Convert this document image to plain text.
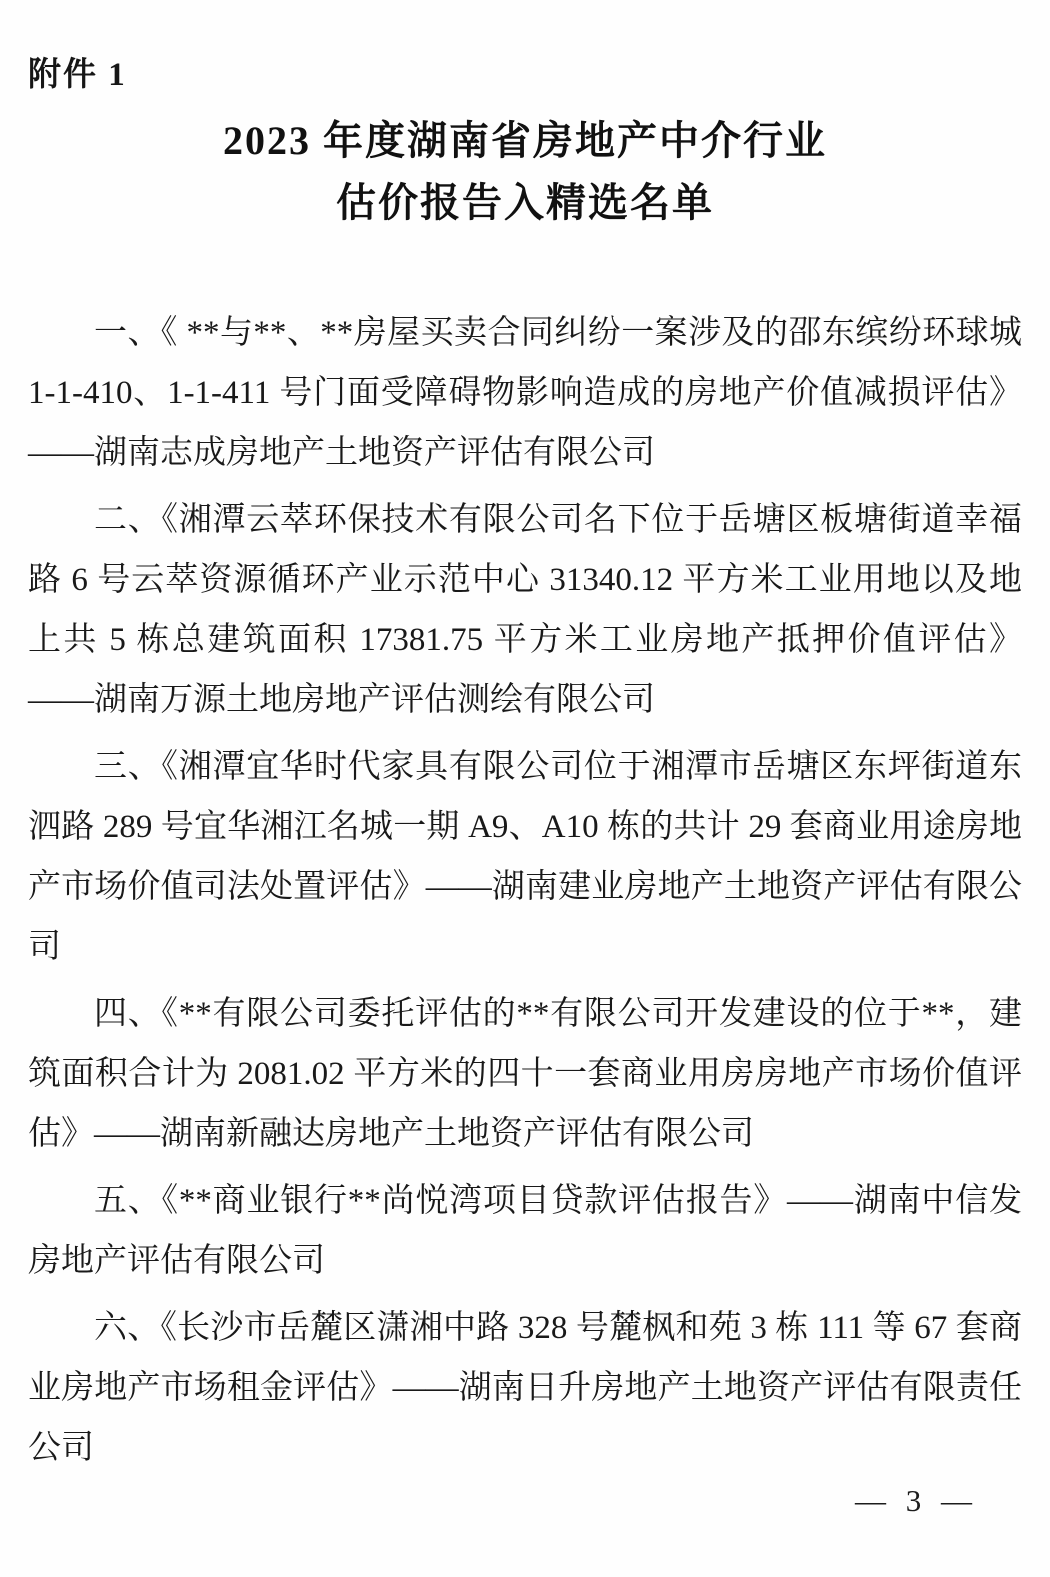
附件 1
2023 年度湖南省房地产中介行业
估价报告入精选名单

一、《 **与**、**房屋买卖合同纠纷一案涉及的邵东缤纷环球城 1-1-410、1-1-411 号门面受障碍物影响造成的房地产价值减损评估》——湖南志成房地产土地资产评估有限公司

二、《湘潭云萃环保技术有限公司名下位于岳塘区板塘街道幸福路 6 号云萃资源循环产业示范中心 31340.12 平方米工业用地以及地上共 5 栋总建筑面积 17381.75 平方米工业房地产抵押价值评估》——湖南万源土地房地产评估测绘有限公司

三、《湘潭宜华时代家具有限公司位于湘潭市岳塘区东坪街道东泗路 289 号宜华湘江名城一期 A9、A10 栋的共计 29 套商业用途房地产市场价值司法处置评估》——湖南建业房地产土地资产评估有限公司

四、《**有限公司委托评估的**有限公司开发建设的位于**，建筑面积合计为 2081.02 平方米的四十一套商业用房房地产市场价值评估》——湖南新融达房地产土地资产评估有限公司

五、《**商业银行**尚悦湾项目贷款评估报告》——湖南中信发房地产评估有限公司

六、《长沙市岳麓区潇湘中路 328 号麓枫和苑 3 栋 111 等 67 套商业房地产市场租金评估》——湖南日升房地产土地资产评估有限责任公司

— 3 —
